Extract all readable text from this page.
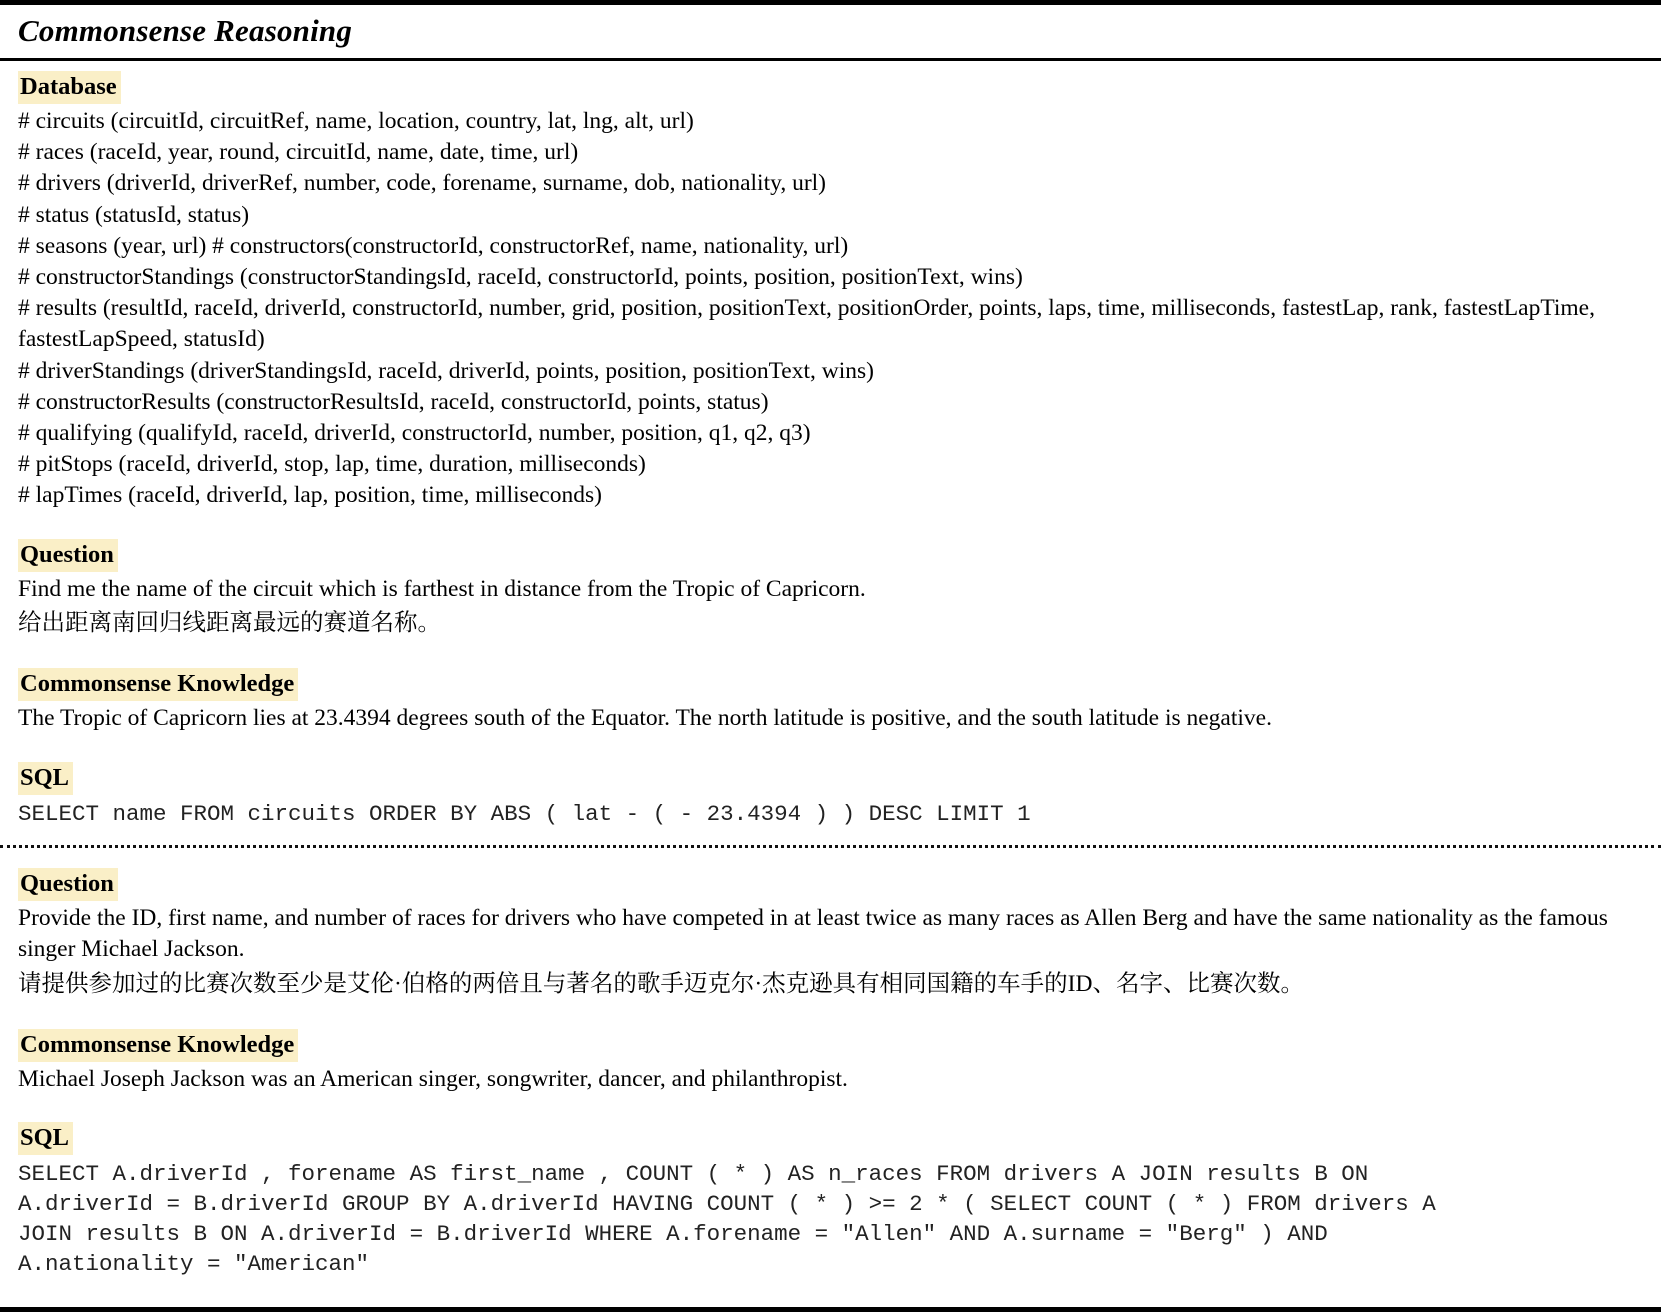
Commonsense Reasoning
Database
# circuits (circuitId, circuitRef, name, location, country, lat, lng, alt, url)
# races (raceId, year, round, circuitId, name, date, time, url)
# drivers (driverId, driverRef, number, code, forename, surname, dob, nationality, url)
# status (statusId, status)
# seasons (year, url) # constructors(constructorId, constructorRef, name, nationality, url)
# constructorStandings (constructorStandingsId, raceId, constructorId, points, position, positionText, wins)
# results (resultId, raceId, driverId, constructorId, number, grid, position, positionText, positionOrder, points, laps, time, milliseconds, fastestLap, rank, fastestLapTime, fastestLapSpeed, statusId)
# driverStandings (driverStandingsId, raceId, driverId, points, position, positionText, wins)
# constructorResults (constructorResultsId, raceId, constructorId, points, status)
# qualifying (qualifyId, raceId, driverId, constructorId, number, position, q1, q2, q3)
# pitStops (raceId, driverId, stop, lap, time, duration, milliseconds)
# lapTimes (raceId, driverId, lap, position, time, milliseconds)
Question
Find me the name of the circuit which is farthest in distance from the Tropic of Capricorn.
给出距离南回归线距离最远的赛道名称。
Commonsense Knowledge
The Tropic of Capricorn lies at 23.4394 degrees south of the Equator. The north latitude is positive, and the south latitude is negative.
SQL
SELECT name FROM circuits ORDER BY ABS ( lat - ( - 23.4394 ) ) DESC LIMIT 1
Question
Provide the ID, first name, and number of races for drivers who have competed in at least twice as many races as Allen Berg and have the same nationality as the famous singer Michael Jackson.
请提供参加过的比赛次数至少是艾伦·伯格的两倍且与著名的歌手迈克尔·杰克逊具有相同国籍的车手的ID、名字、比赛次数。
Commonsense Knowledge
Michael Joseph Jackson was an American singer, songwriter, dancer, and philanthropist.
SQL
SELECT A.driverId , forename AS first_name , COUNT ( * ) AS n_races FROM drivers A JOIN results B ON
A.driverId = B.driverId GROUP BY A.driverId HAVING COUNT ( * ) >= 2 * ( SELECT COUNT ( * ) FROM drivers A
JOIN results B ON A.driverId = B.driverId WHERE A.forename = "Allen" AND A.surname = "Berg" ) AND
A.nationality = "American"
